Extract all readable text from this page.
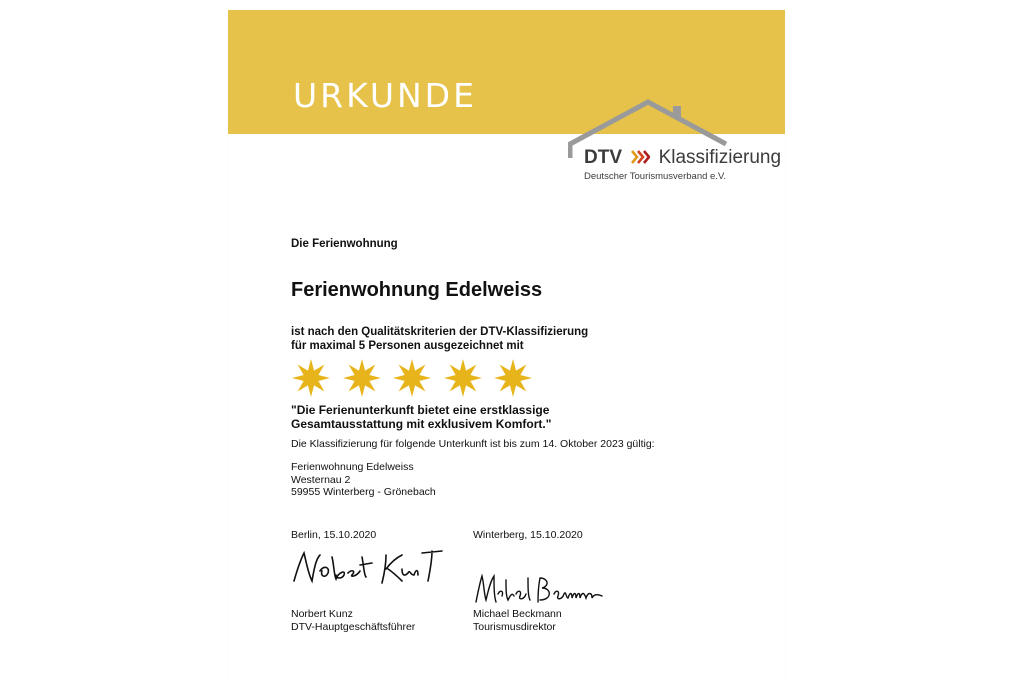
URKUNDE
DTV Klassifizierung
Deutscher Tourismusverband e.V.
Die Ferienwohnung
Ferienwohnung Edelweiss
ist nach den Qualitätskriterien der DTV-Klassifizierung
für maximal 5 Personen ausgezeichnet mit
"Die Ferienunterkunft bietet eine erstklassige
Gesamtausstattung mit exklusivem Komfort."
Die Klassifizierung für folgende Unterkunft ist bis zum 14. Oktober 2023 gültig:
Ferienwohnung Edelweiss
Westernau 2
59955 Winterberg - Grönebach
Berlin, 15.10.2020	Winterberg, 15.10.2020
Norbert Kunz
DTV-Hauptgeschäftsführer
Michael Beckmann
Tourismusdirektor
